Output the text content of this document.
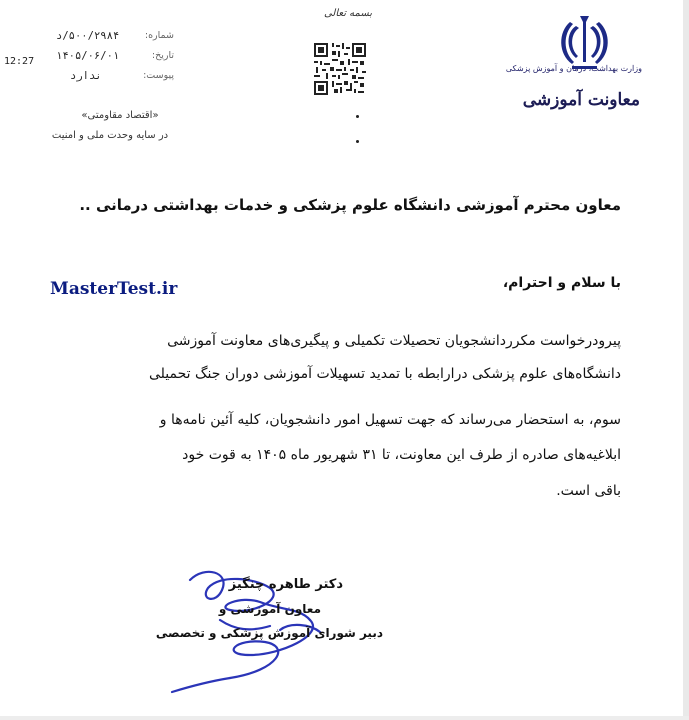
وزارت بهداشت، درمان و آموزش پزشکی
معاونت آموزشی
بسمه تعالی
شماره:
۵۰۰/۲۹۸۴/د
تاریخ:
۱۴۰۵/۰۶/۰۱
پیوست:
ندارد
12:27
«اقتصاد مقاومتی»
در سایه وحدت ملی و امنیت
معاون محترم آموزشی دانشگاه علوم پزشکی و خدمات بهداشتی درمانی ..
با سلام و احترام،
MasterTest.ir
پیرودرخواست مکرردانشجویان تحصیلات تکمیلی و پیگیری‌های معاونت آموزشی
دانشگاه‌های علوم پزشکی درارابطه با تمدید تسهیلات آموزشی دوران جنگ تحمیلی
سوم، به استحضار می‌رساند که جهت تسهیل امور دانشجویان، کلیه آئین نامه‌ها و
ابلاغیه‌های صادره از طرف این معاونت، تا ۳۱ شهریور ماه ۱۴۰۵ به قوت خود
باقی است.
دکتر طاهره چنگیز
معاون آموزشی و
دبیر شورای آموزش پزشکی و تخصصی
